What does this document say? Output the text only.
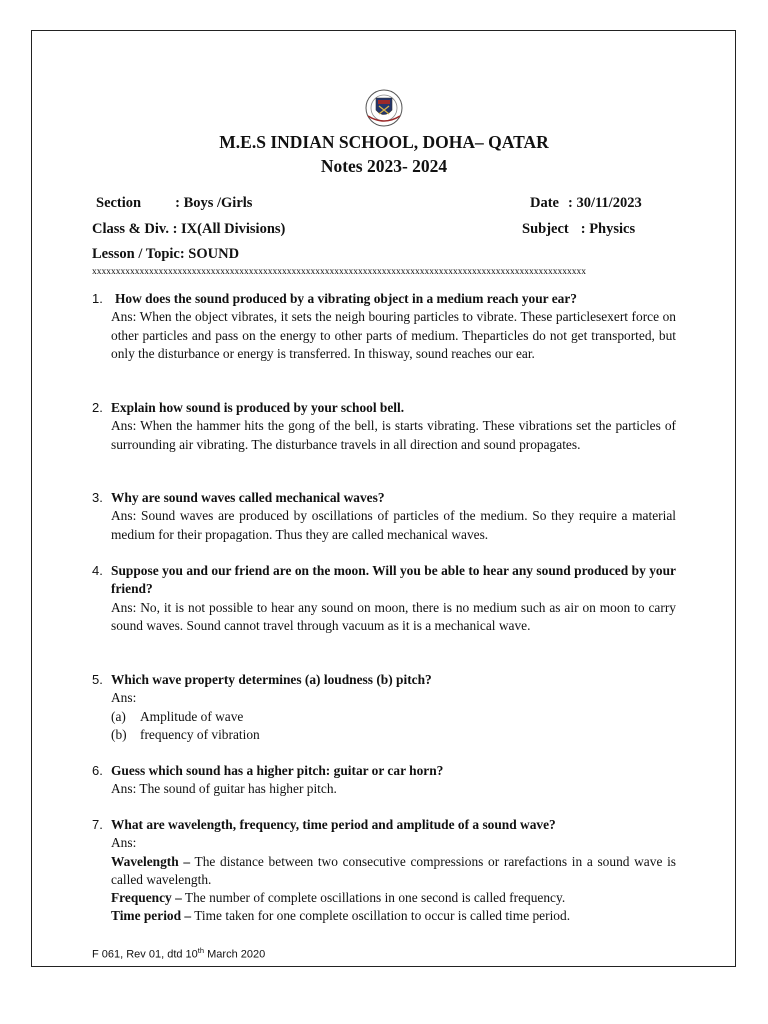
M.E.S INDIAN SCHOOL, DOHA– QATAR
Notes 2023- 2024
Section : Boys /Girls	Date : 30/11/2023
Class & Div. : IX(All Divisions)	Subject : Physics
Lesson / Topic: SOUND
xxxxxxxxxxxxxxxxxxxxxxxxxxxxxxxxxxxxxxxxxxxxxxxxxxxxxxxxxxxxxxxxxxxxxxxxxxxxxxxxxxxxxxxxxxxxxxxxxxxxxxxx
1. How does the sound produced by a vibrating object in a medium reach your ear?
Ans: When the object vibrates, it sets the neigh bouring particles to vibrate. These particlesexert force on other particles and pass on the energy to other parts of medium. Theparticles do not get transported, but only the disturbance or energy is transferred. In thisway, sound reaches our ear.
2. Explain how sound is produced by your school bell.
Ans: When the hammer hits the gong of the bell, is starts vibrating. These vibrations set the particles of surrounding air vibrating. The disturbance travels in all direction and sound propagates.
3. Why are sound waves called mechanical waves?
Ans: Sound waves are produced by oscillations of particles of the medium. So they require a material medium for their propagation. Thus they are called mechanical waves.
4. Suppose you and our friend are on the moon. Will you be able to hear any sound produced by your friend?
Ans: No, it is not possible to hear any sound on moon, there is no medium such as air on moon to carry sound waves. Sound cannot travel through vacuum as it is a mechanical wave.
5. Which wave property determines (a) loudness (b) pitch?
Ans:
(a) Amplitude of wave
(b) frequency of vibration
6. Guess which sound has a higher pitch: guitar or car horn?
Ans: The sound of guitar has higher pitch.
7. What are wavelength, frequency, time period and amplitude of a sound wave?
Ans:
Wavelength – The distance between two consecutive compressions or rarefactions in a sound wave is called wavelength.
Frequency – The number of complete oscillations in one second is called frequency.
Time period – Time taken for one complete oscillation to occur is called time period.
F 061, Rev 01, dtd 10th March 2020
